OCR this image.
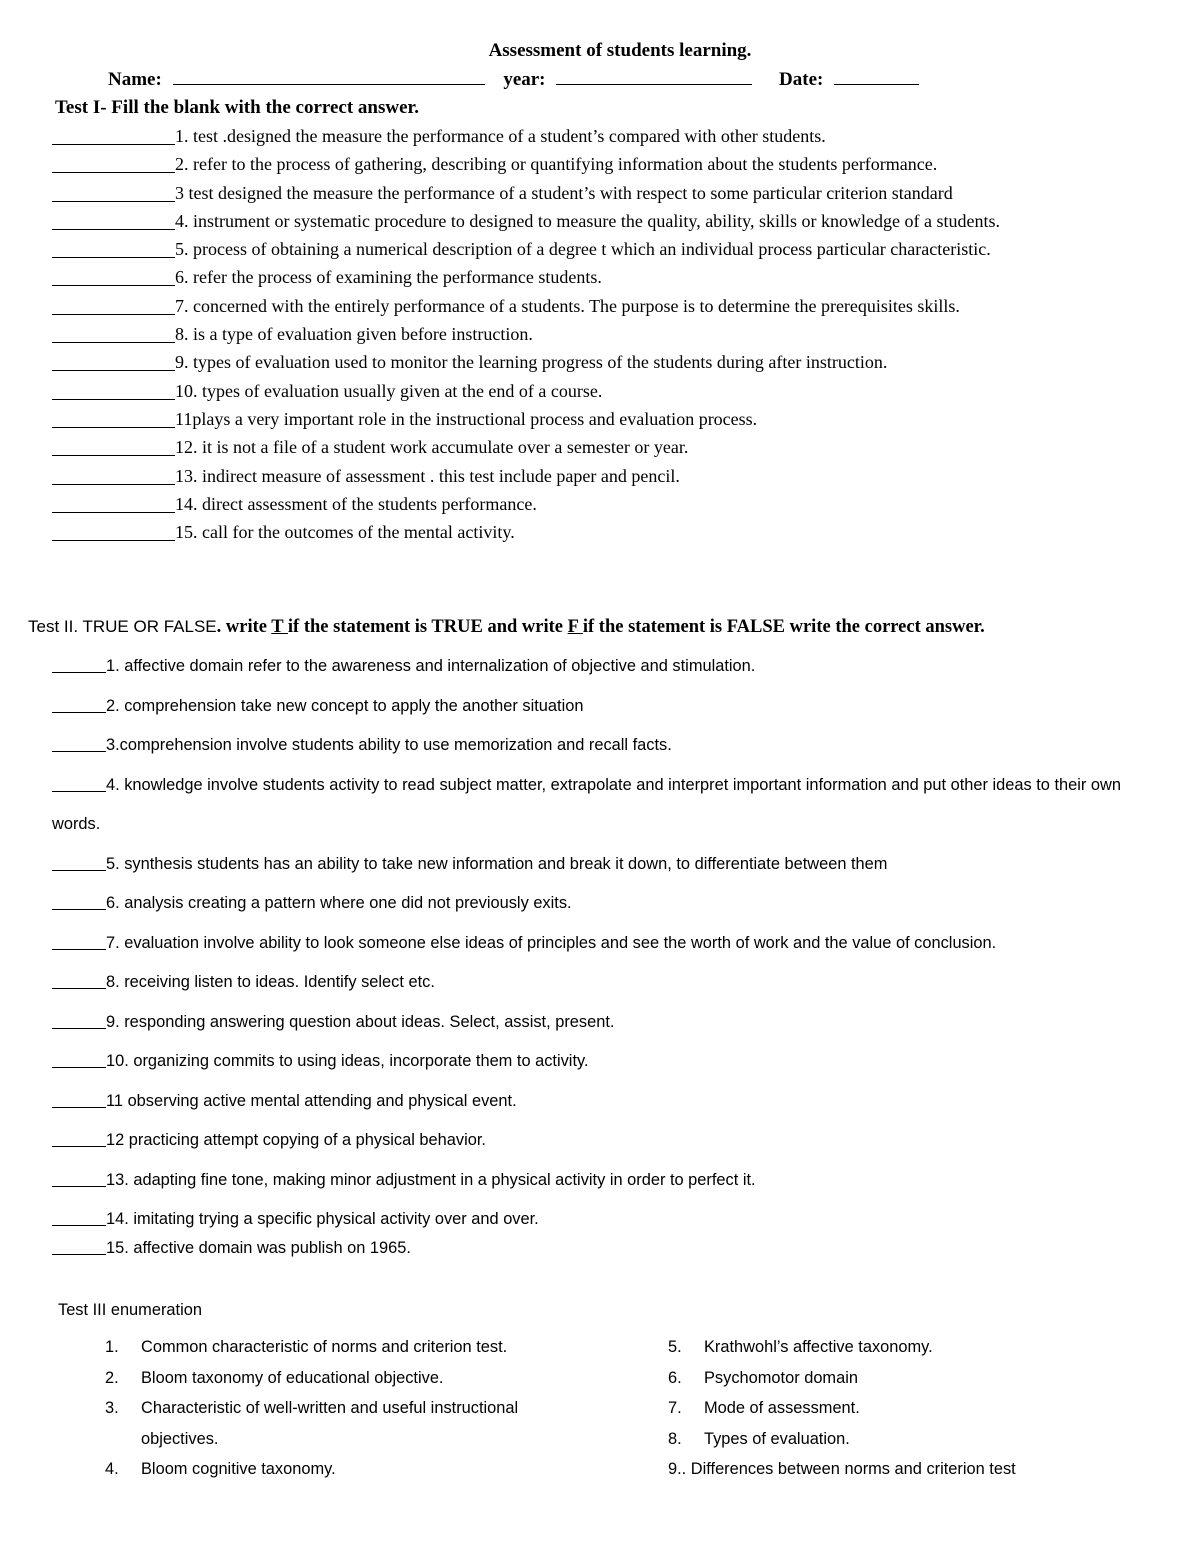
Assessment of students learning.
Name:	year:	Date:
Test I- Fill the blank with the correct answer.
1. test .designed the measure the performance of a student’s compared with other students.
2. refer to the process of gathering, describing or quantifying information about the students performance.
3 test designed the measure the performance of a student’s with respect to some particular criterion standard
4. instrument or systematic procedure to designed to measure the quality, ability, skills or knowledge of a students.
5. process of obtaining a numerical description of a degree t which an individual process particular characteristic.
6. refer the process of examining the performance students.
7. concerned with the entirely performance of a students. The purpose is to determine the prerequisites skills.
8. is a type of evaluation given before instruction.
9. types of evaluation used to monitor the learning progress of the students during after instruction.
10. types of evaluation usually given at the end of a course.
11plays a very important role in the instructional process and evaluation process.
12. it is not a file of a student work accumulate over a semester or year.
13. indirect measure of assessment . this test include paper and pencil.
14. direct assessment of the students performance.
15. call for the outcomes of the mental activity.
Test II. TRUE OR FALSE. write T if the statement is TRUE and write F if the statement is FALSE write the correct answer.
1. affective domain refer to the awareness and internalization of objective and stimulation.
2. comprehension take new concept to apply the another situation
3.comprehension involve students ability to use memorization and recall facts.
4. knowledge involve students activity to read subject matter, extrapolate and interpret important information and put other ideas to their own words.
5. synthesis students has an ability to take new information and break it down, to differentiate between them
6. analysis creating a pattern where one did not previously exits.
7. evaluation involve ability to look someone else ideas of principles and see the worth of work and the value of conclusion.
8. receiving listen to ideas. Identify select etc.
9. responding answering question about ideas. Select, assist, present.
10. organizing commits to using ideas, incorporate them to activity.
11 observing active mental attending and physical event.
12 practicing attempt copying of a physical behavior.
13. adapting fine tone, making minor adjustment in a physical activity in order to perfect it.
14. imitating trying a specific physical activity over and over.
15. affective domain was publish on 1965.
Test III enumeration
1. Common characteristic of norms and criterion test.
2. Bloom taxonomy of educational objective.
3. Characteristic of well-written and useful instructional objectives.
4. Bloom cognitive taxonomy.
5. Krathwohl’s affective taxonomy.
6. Psychomotor domain
7. Mode of assessment.
8. Types of evaluation.
9.. Differences between norms and criterion test
